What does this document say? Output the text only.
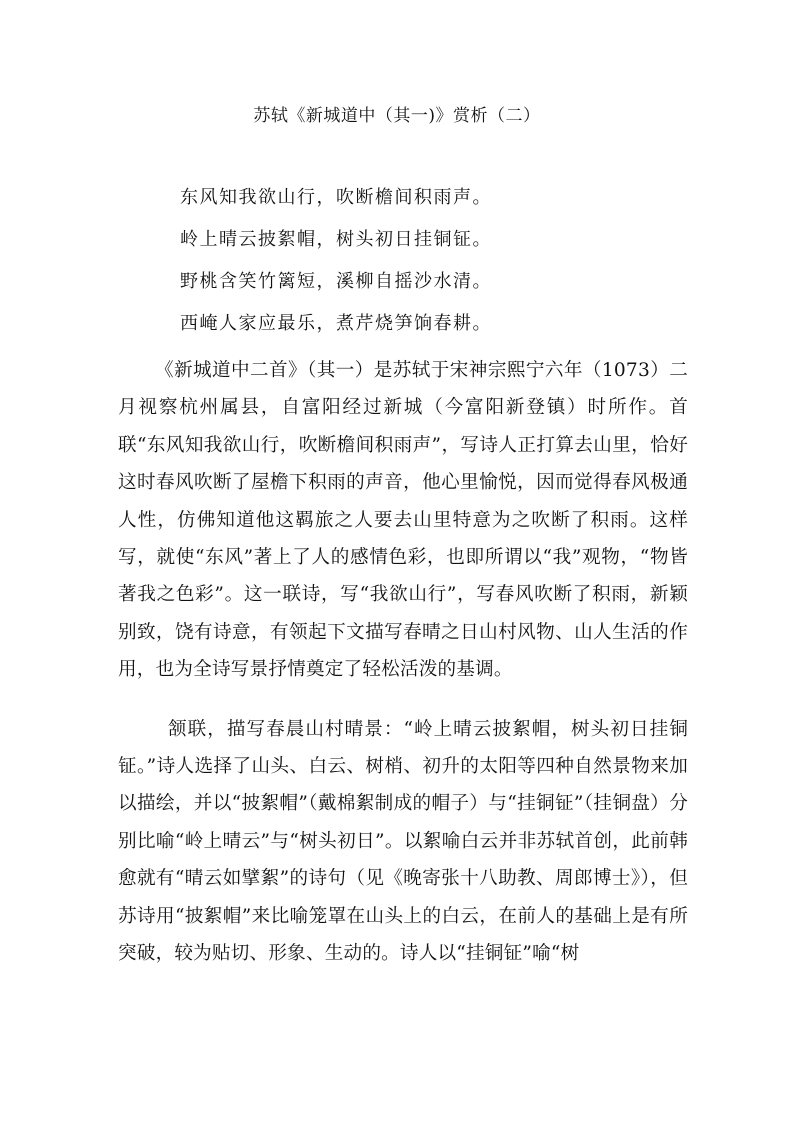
苏轼《新城道中（其一)》赏析（二）
东风知我欲山行，吹断檐间积雨声。
岭上晴云披絮帽，树头初日挂铜钲。
野桃含笑竹篱短，溪柳自摇沙水清。
西崦人家应最乐，煮芹烧笋饷春耕。

《新城道中二首》（其一）是苏轼于宋神宗熙宁六年（1073）二月视察杭州属县，自富阳经过新城（今富阳新登镇）时所作。首联“东风知我欲山行，吹断檐间积雨声”，写诗人正打算去山里，恰好这时春风吹断了屋檐下积雨的声音，他心里愉悦，因而觉得春风极通人性，仿佛知道他这羁旅之人要去山里特意为之吹断了积雨。这样写，就使“东风”著上了人的感情色彩，也即所谓以“我”观物，“物皆著我之色彩”。这一联诗，写“我欲山行”，写春风吹断了积雨，新颖别致，饶有诗意，有领起下文描写春晴之日山村风物、山人生活的作用，也为全诗写景抒情奠定了轻松活泼的基调。

颔联，描写春晨山村晴景：“岭上晴云披絮帽，树头初日挂铜钲。”诗人选择了山头、白云、树梢、初升的太阳等四种自然景物来加以描绘，并以“披絮帽”（戴棉絮制成的帽子）与“挂铜钲”（挂铜盘）分别比喻“岭上晴云”与“树头初日”。以絮喻白云并非苏轼首创，此前韩愈就有“晴云如擘絮”的诗句（见《晚寄张十八助教、周郎博士》），但苏诗用“披絮帽”来比喻笼罩在山头上的白云，在前人的基础上是有所突破，较为贴切、形象、生动的。诗人以“挂铜钲”喻“树
